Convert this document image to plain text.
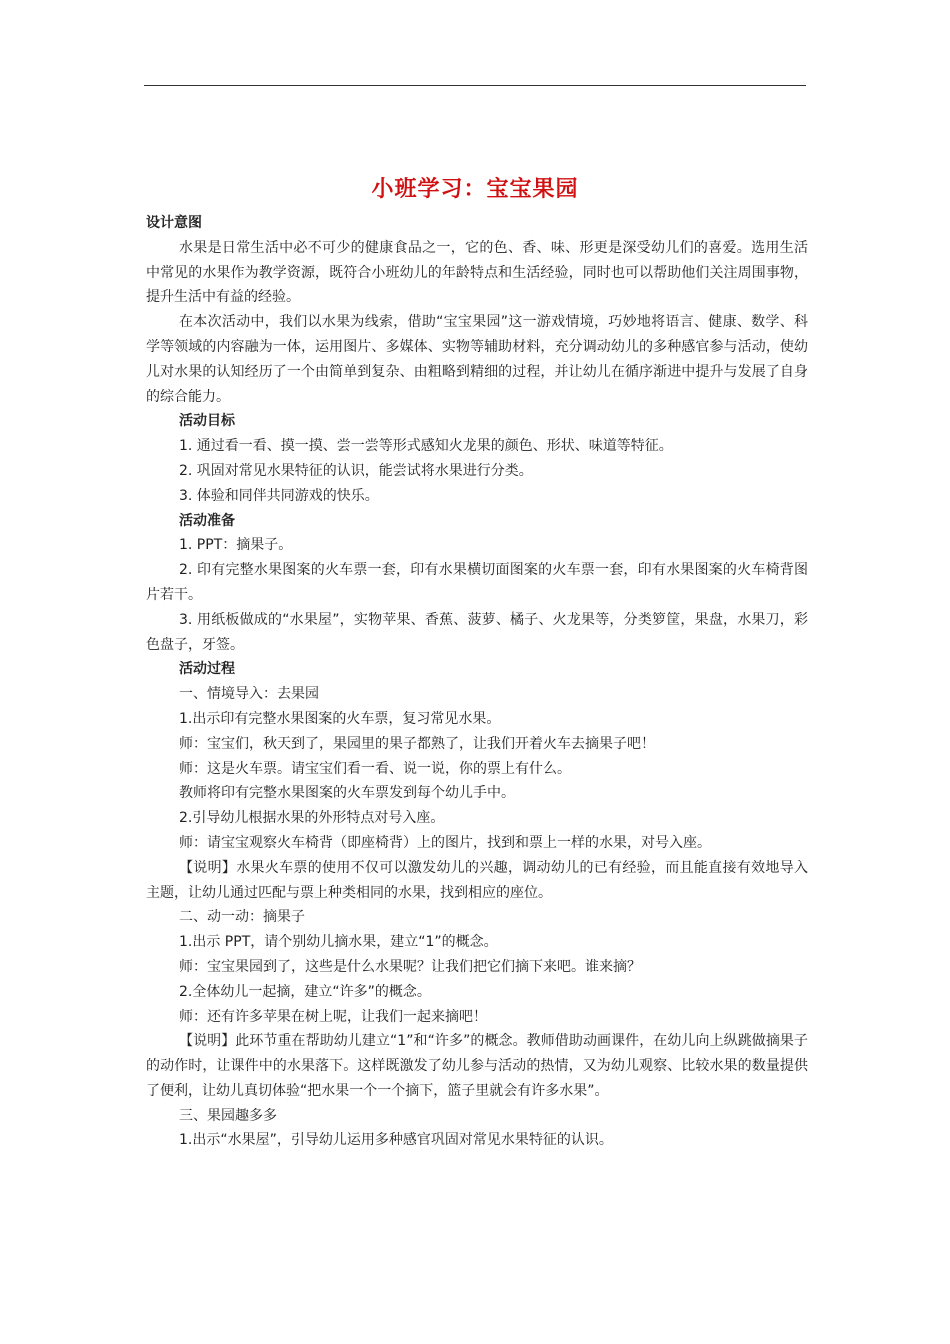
小班学习：宝宝果园

设计意图

水果是日常生活中必不可少的健康食品之一，它的色、香、味、形更是深受幼儿们的喜爱。选用生活中常见的水果作为教学资源，既符合小班幼儿的年龄特点和生活经验，同时也可以帮助他们关注周围事物，提升生活中有益的经验。

在本次活动中，我们以水果为线索，借助“宝宝果园”这一游戏情境，巧妙地将语言、健康、数学、科学等领域的内容融为一体，运用图片、多媒体、实物等辅助材料，充分调动幼儿的多种感官参与活动，使幼儿对水果的认知经历了一个由简单到复杂、由粗略到精细的过程，并让幼儿在循序渐进中提升与发展了自身的综合能力。

活动目标

1. 通过看一看、摸一摸、尝一尝等形式感知火龙果的颜色、形状、味道等特征。

2. 巩固对常见水果特征的认识，能尝试将水果进行分类。

3. 体验和同伴共同游戏的快乐。

活动准备

1. PPT：摘果子。

2. 印有完整水果图案的火车票一套，印有水果横切面图案的火车票一套，印有水果图案的火车椅背图片若干。

3. 用纸板做成的“水果屋”，实物苹果、香蕉、菠萝、橘子、火龙果等，分类箩筐，果盘，水果刀，彩色盘子，牙签。

活动过程

一、情境导入：去果园

1.出示印有完整水果图案的火车票，复习常见水果。

师：宝宝们，秋天到了，果园里的果子都熟了，让我们开着火车去摘果子吧！

师：这是火车票。请宝宝们看一看、说一说，你的票上有什么。

教师将印有完整水果图案的火车票发到每个幼儿手中。

2.引导幼儿根据水果的外形特点对号入座。

师：请宝宝观察火车椅背（即座椅背）上的图片，找到和票上一样的水果，对号入座。

【说明】水果火车票的使用不仅可以激发幼儿的兴趣，调动幼儿的已有经验，而且能直接有效地导入主题，让幼儿通过匹配与票上种类相同的水果，找到相应的座位。

二、动一动：摘果子

1.出示 PPT，请个别幼儿摘水果，建立“1”的概念。

师：宝宝果园到了，这些是什么水果呢？让我们把它们摘下来吧。谁来摘？

2.全体幼儿一起摘，建立“许多”的概念。

师：还有许多苹果在树上呢，让我们一起来摘吧！

【说明】此环节重在帮助幼儿建立“1”和“许多”的概念。教师借助动画课件，在幼儿向上纵跳做摘果子的动作时，让课件中的水果落下。这样既激发了幼儿参与活动的热情，又为幼儿观察、比较水果的数量提供了便利，让幼儿真切体验“把水果一个一个摘下，篮子里就会有许多水果”。

三、果园趣多多

1.出示“水果屋”，引导幼儿运用多种感官巩固对常见水果特征的认识。
